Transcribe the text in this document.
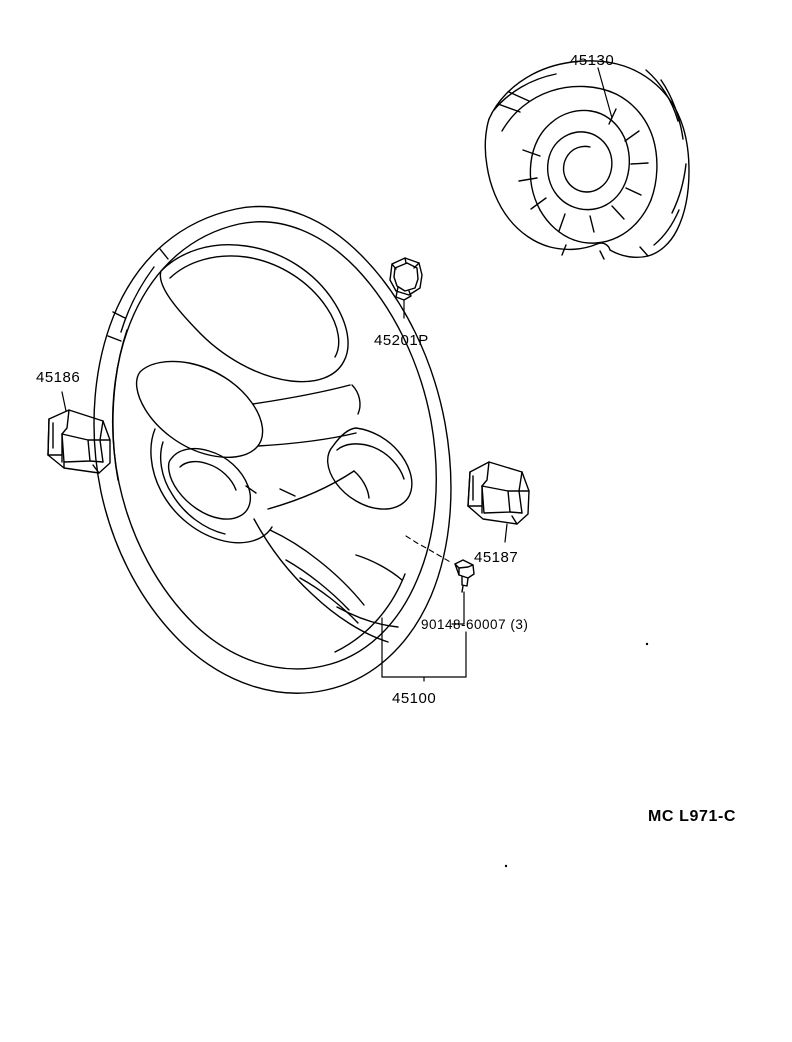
45130
45201P
45186
45187
90148-60007 (3)
45100
MC L971-C
